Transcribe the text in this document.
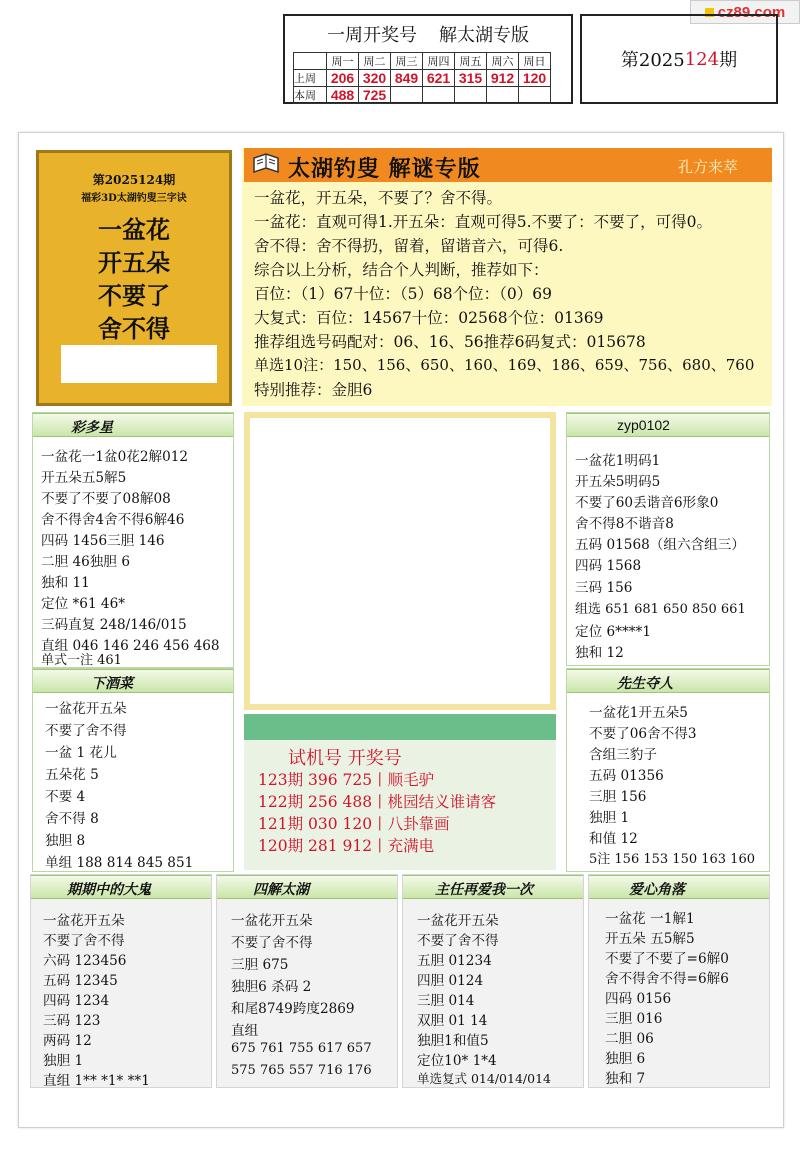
cz89.com
一周开奖号 解太湖专版
	周一	周二	周三	周四	周五	周六	周日
上周	206	320	849	621	315	912	120
本周	488	725					
第2025 124 期
第2025124期
福彩3D太湖钓叟三字诀
一盆花
开五朵
不要了
舍不得
一盆花，开五朵，不要了？舍不得。
一盆花：直观可得1.开五朵：直观可得5.不要了：不要了，可得0。
舍不得：舍不得扔，留着，留谐音六，可得6.
综合以上分析，结合个人判断，推荐如下：
百位：（1）67十位：（5）68个位：（0）69
大复式：百位：14567十位：02568个位：01369
推荐组选号码配对：06、16、56推荐6码复式：015678
单选10注：150、156、650、160、169、186、659、756、680、760
特别推荐：金胆6
太湖钓叟 解谜专版	孔方来萃
彩多星
一盆花一1盆0花2解012
开五朵五5解5
不要了不要了08解08
舍不得舍4舍不得6解46
四码 1456三胆 146
二胆 46独胆 6
独和 11
定位 *61 46*
三码直复 248/146/015
直组 046 146 246 456 468
单式一注 461
zyp0102
一盆花1明码1
开五朵5明码5
不要了60丢谐音6形象0
舍不得8不谐音8
五码 01568（组六含组三）
四码 1568
三码 156
组选 651 681 650 850 661
定位 6****1
独和 12
下酒菜
一盆花开五朵
不要了舍不得
一盆 1 花儿
五朵花 5
不要 4
舍不得 8
独胆 8
单组 188 814 845 851
试机号 开奖号
123期 396 725丨顺毛驴
122期 256 488丨桃园结义谁请客
121期 030 120丨八卦靠画
120期 281 912丨充满电
先生夺人
一盆花1开五朵5
不要了06舍不得3
含组三豹子
五码 01356
三胆 156
独胆 1
和值 12
5注 156 153 150 163 160
期期中的大鬼
一盆花开五朵
不要了舍不得
六码 123456
五码 12345
四码 1234
三码 123
两码 12
独胆 1
直组 1** *1* **1
四解太湖
一盆花开五朵
不要了舍不得
三胆 675
独胆6 杀码 2
和尾8749跨度2869
直组
675 761 755 617 657
575 765 557 716 176
主任再爱我一次
一盆花开五朵
不要了舍不得
五胆 01234
四胆 0124
三胆 014
双胆 01 14
独胆1和值5
定位10* 1*4
单选复式 014/014/014
爱心角落
一盆花 一1解1
开五朵 五5解5
不要了不要了=6解0
舍不得舍不得=6解6
四码 0156
三胆 016
二胆 06
独胆 6
独和 7
